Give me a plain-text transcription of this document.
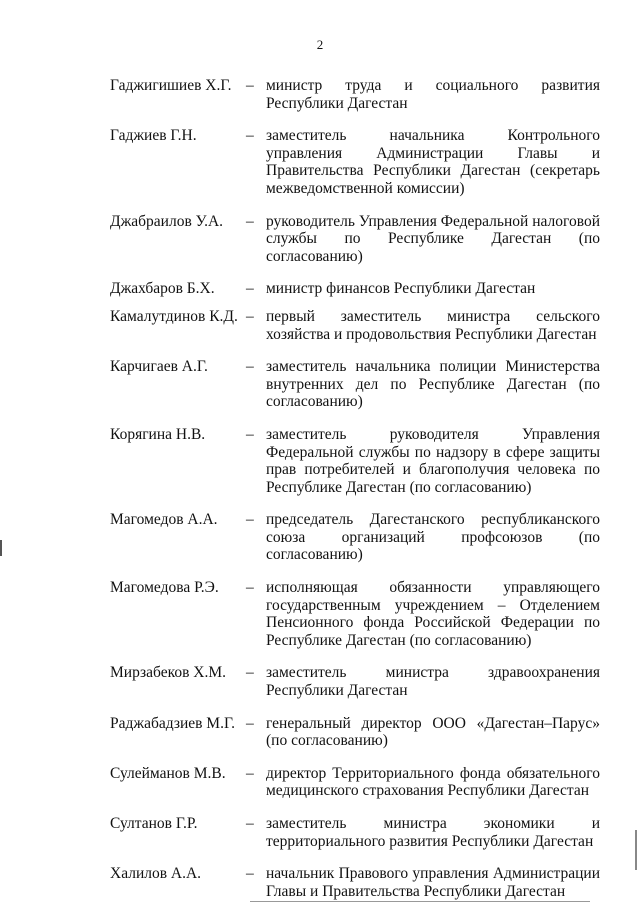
2
Гаджигишиев Х.Г. – министр труда и социального развития Республики Дагестан
Гаджиев Г.Н.	– заместитель начальника Контрольного управления Администрации Главы и Правительства Республики Дагестан (секретарь межведомственной комиссии)
Джабраилов У.А.	– руководитель Управления Федеральной налоговой службы по Республике Дагестан (по согласованию)
Джахбаров Б.Х.	– министр финансов Республики Дагестан
Камалутдинов К.Д. – первый заместитель министра сельского хозяйства и продовольствия Республики Дагестан
Карчигаев А.Г.	– заместитель начальника полиции Министерства внутренних дел по Республике Дагестан (по согласованию)
Корягина Н.В.	– заместитель руководителя Управления Федеральной службы по надзору в сфере защиты прав потребителей и благополучия человека по Республике Дагестан (по согласованию)
Магомедов А.А.	– председатель Дагестанского республиканского союза организаций профсоюзов (по согласованию)
Магомедова Р.Э.	– исполняющая обязанности управляющего государственным учреждением – Отделением Пенсионного фонда Российской Федерации по Республике Дагестан (по согласованию)
Мирзабеков Х.М.	– заместитель министра здравоохранения Республики Дагестан
Раджабадзиев М.Г. – генеральный директор ООО «Дагестан–Парус» (по согласованию)
Сулейманов М.В.	– директор Территориального фонда обязательного медицинского страхования Республики Дагестан
Султанов Г.Р.	– заместитель министра экономики и территориального развития Республики Дагестан
Халилов А.А.	– начальник Правового управления Администрации Главы и Правительства Республики Дагестан
